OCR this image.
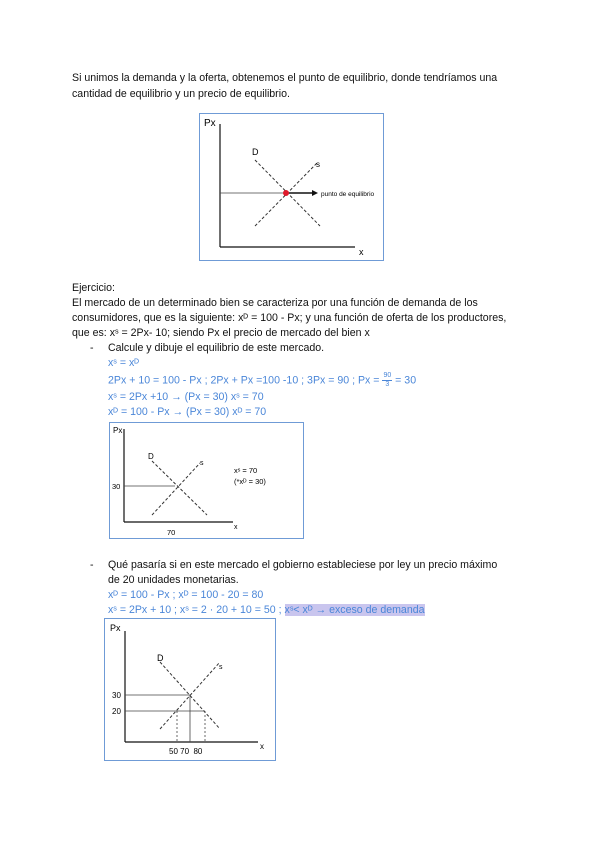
Si unimos la demanda y la oferta, obtenemos el punto de equilibrio, donde tendríamos una
cantidad de equilibrio y un precio de equilibrio.
Px
x
D
s
punto de equilibrio
Ejercicio:
El mercado de un determinado bien se caracteriza por una función de demanda de los
consumidores, que es la siguiente: xᴰ = 100 - Px; y una función de oferta de los productores,
que es: xˢ = 2Px- 10; siendo Px el precio de mercado del bien x
- Calcule y dibuje el equilibrio de este mercado.
xˢ = xᴰ
2Px + 10 = 100 - Px ; 2Px + Px =100 -10 ; 3Px = 90 ; $Px = \frac{90}{3} = 30$
xˢ = 2Px +10 → (Px = 30) xˢ = 70
xᴰ = 100 - Px → (Px = 30) xᴰ = 70
Px
x
D
s
30
70
xˢ = 70
(*xᴰ = 30)
- Qué pasaría si en este mercado el gobierno estableciese por ley un precio máximo
de 20 unidades monetarias.
xᴰ = 100 - Px ; xᴰ = 100 - 20 = 80
xˢ = 2Px + 10 ; xˢ = 2 · 20 + 10 = 50 ; xˢ< xᴰ → exceso de demanda
Px
x
D
s
30
20
50 70  80
